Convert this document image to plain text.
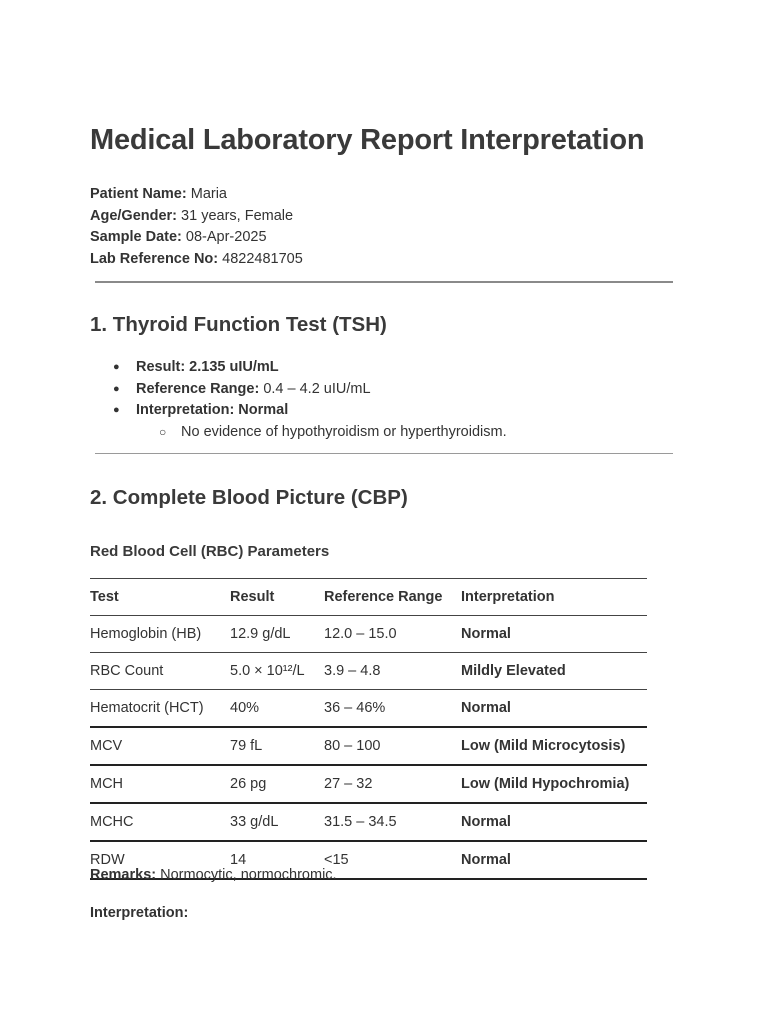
Medical Laboratory Report Interpretation
Patient Name: Maria
Age/Gender: 31 years, Female
Sample Date: 08-Apr-2025
Lab Reference No: 4822481705
1. Thyroid Function Test (TSH)
● Result: 2.135 uIU/mL
● Reference Range: 0.4 – 4.2 uIU/mL
● Interpretation: Normal
○ No evidence of hypothyroidism or hyperthyroidism.
2. Complete Blood Picture (CBP)
Red Blood Cell (RBC) Parameters
Test	Result	Reference Range	Interpretation
Hemoglobin (HB)	12.9 g/dL	12.0 – 15.0	Normal
RBC Count	5.0 × 10¹²/L	3.9 – 4.8	Mildly Elevated
Hematocrit (HCT)	40%	36 – 46%	Normal
MCV	79 fL	80 – 100	Low (Mild Microcytosis)
MCH	26 pg	27 – 32	Low (Mild Hypochromia)
MCHC	33 g/dL	31.5 – 34.5	Normal
RDW	14	<15	Normal
Remarks: Normocytic, normochromic.
Interpretation:
